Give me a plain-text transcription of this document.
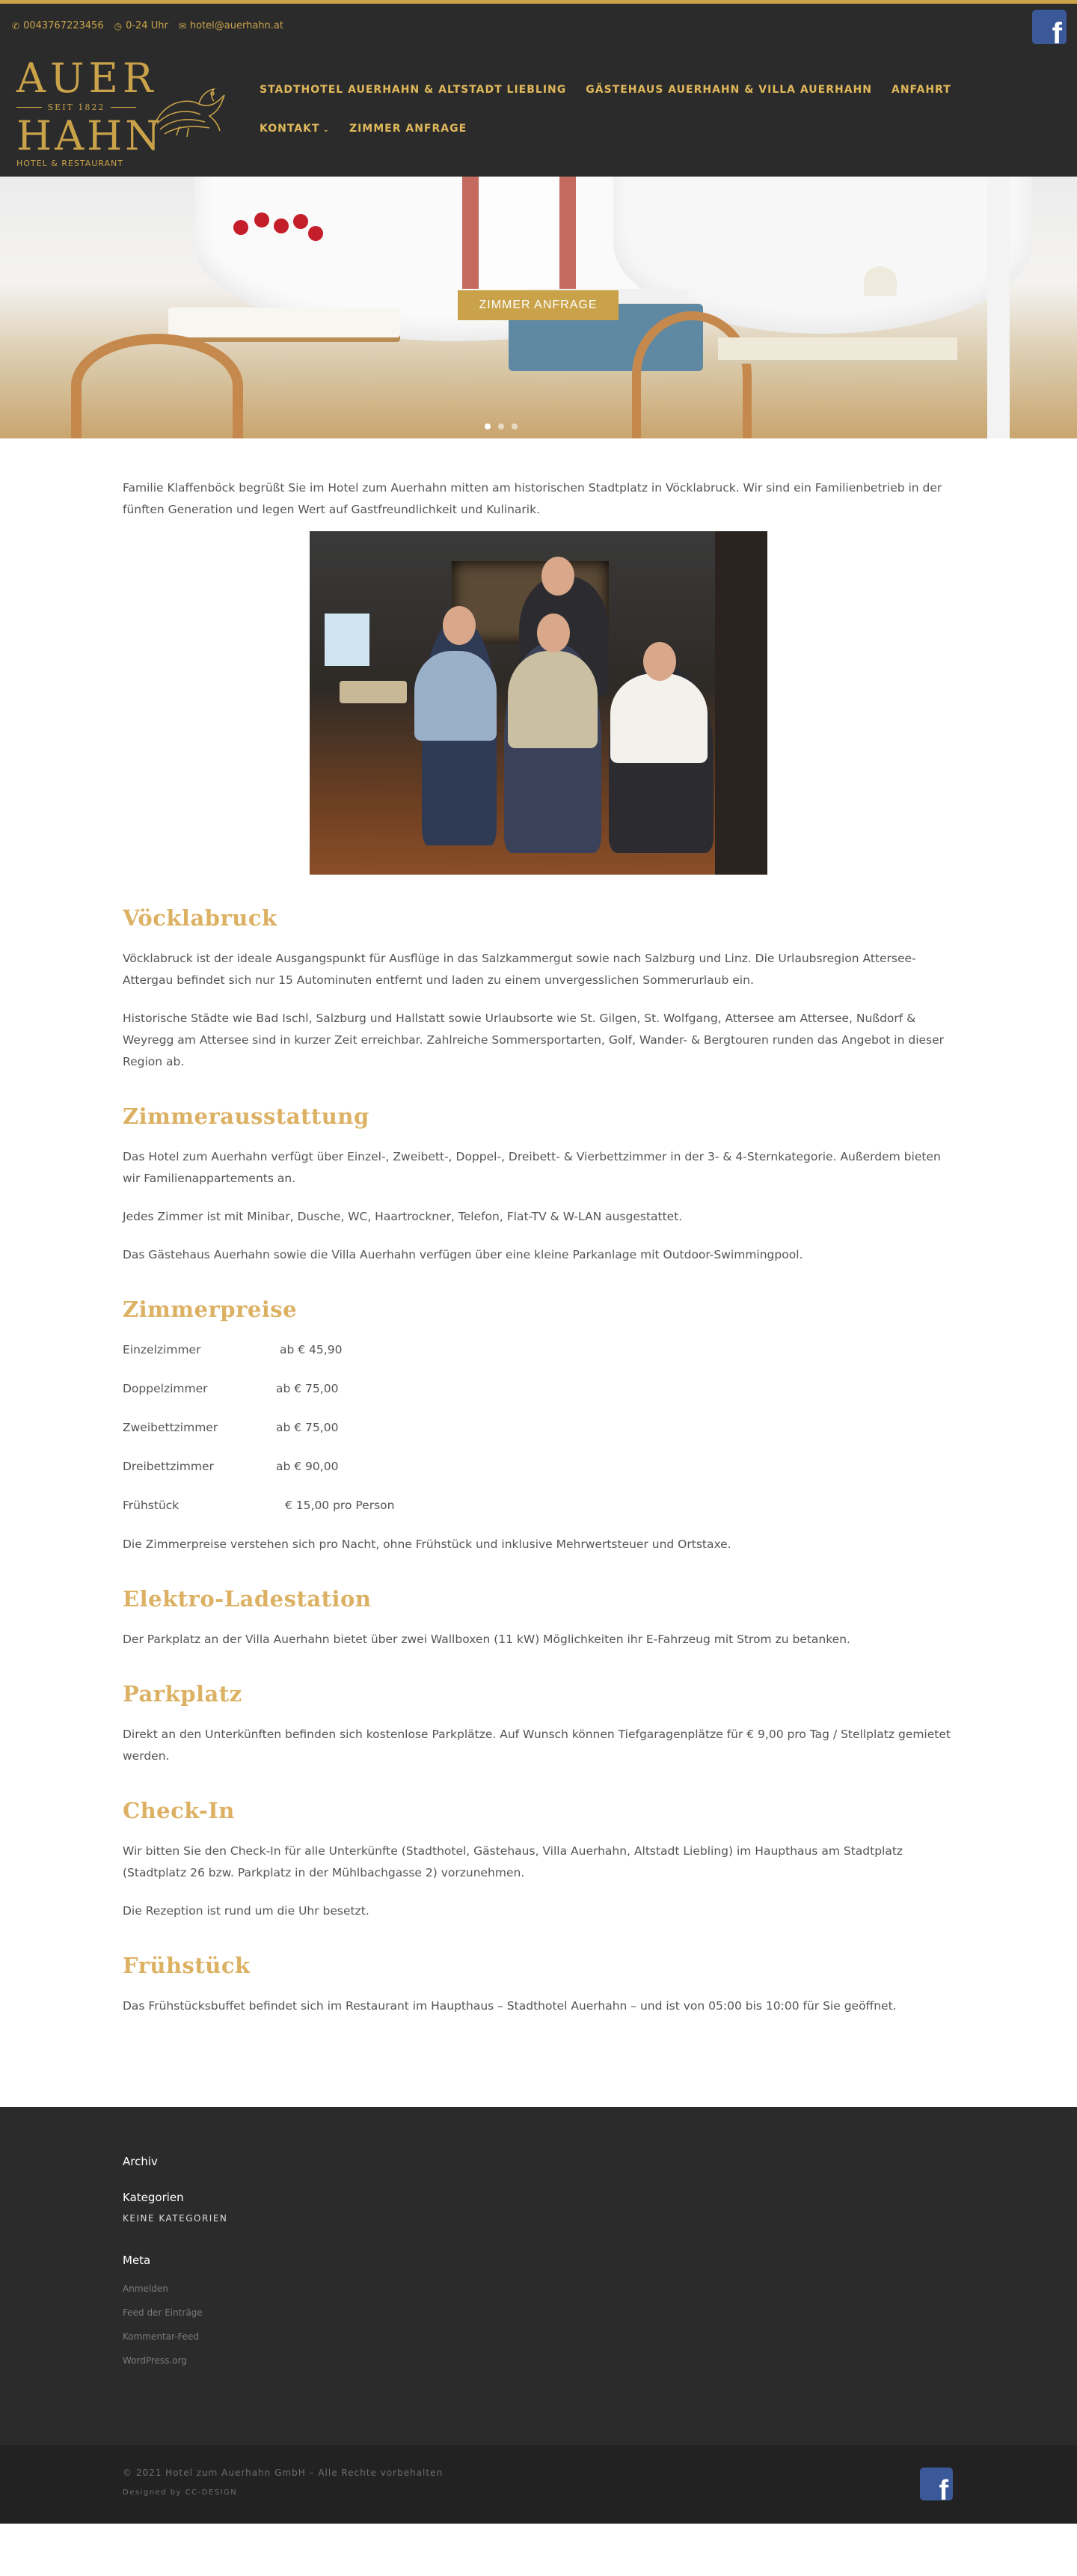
✆ 0043767223456 ◷ 0-24 Uhr ✉ hotel@auerhahn.at	f
AUER
SEIT 1822
HAHN
HOTEL & RESTAURANT
STADTHOTEL AUERHAHN & ALTSTADT LIEBLING GÄSTEHAUS AUERHAHN & VILLA AUERHAHN ANFAHRT
KONTAKT ⌄ ZIMMER ANFRAGE
ZIMMER ANFRAGE

Familie Klaffenböck begrüßt Sie im Hotel zum Auerhahn mitten am historischen Stadtplatz in Vöcklabruck. Wir sind ein Familienbetrieb in der fünften Generation und legen Wert auf Gastfreundlichkeit und Kulinarik.

Vöcklabruck

Vöcklabruck ist der ideale Ausgangspunkt für Ausflüge in das Salzkammergut sowie nach Salzburg und Linz. Die Urlaubsregion Attersee-Attergau befindet sich nur 15 Autominuten entfernt und laden zu einem unvergesslichen Sommerurlaub ein.

Historische Städte wie Bad Ischl, Salzburg und Hallstatt sowie Urlaubsorte wie St. Gilgen, St. Wolfgang, Attersee am Attersee, Nußdorf & Weyregg am Attersee sind in kurzer Zeit erreichbar. Zahlreiche Sommersportarten, Golf, Wander- & Bergtouren runden das Angebot in dieser Region ab.

Zimmerausstattung

Das Hotel zum Auerhahn verfügt über Einzel-, Zweibett-, Doppel-, Dreibett- & Vierbettzimmer in der 3- & 4-Sternkategorie. Außerdem bieten wir Familienappartements an.

Jedes Zimmer ist mit Minibar, Dusche, WC, Haartrockner, Telefon, Flat-TV & W-LAN ausgestattet.

Das Gästehaus Auerhahn sowie die Villa Auerhahn verfügen über eine kleine Parkanlage mit Outdoor-Swimmingpool.

Zimmerpreise
Einzelzimmer	ab € 45,90
Doppelzimmer	ab € 75,00
Zweibettzimmer	ab € 75,00
Dreibettzimmer	ab € 90,00
Frühstück	€ 15,00 pro Person

Die Zimmerpreise verstehen sich pro Nacht, ohne Frühstück und inklusive Mehrwertsteuer und Ortstaxe.

Elektro-Ladestation

Der Parkplatz an der Villa Auerhahn bietet über zwei Wallboxen (11 kW) Möglichkeiten ihr E-Fahrzeug mit Strom zu betanken.

Parkplatz

Direkt an den Unterkünften befinden sich kostenlose Parkplätze. Auf Wunsch können Tiefgaragenplätze für € 9,00 pro Tag / Stellplatz gemietet werden.

Check-In

Wir bitten Sie den Check-In für alle Unterkünfte (Stadthotel, Gästehaus, Villa Auerhahn, Altstadt Liebling) im Haupthaus am Stadtplatz (Stadtplatz 26 bzw. Parkplatz in der Mühlbachgasse 2) vorzunehmen.

Die Rezeption ist rund um die Uhr besetzt.

Frühstück

Das Frühstücksbuffet befindet sich im Restaurant im Haupthaus – Stadthotel Auerhahn – und ist von 05:00 bis 10:00 für Sie geöffnet.

Archiv
Kategorien
KEINE KATEGORIEN
Meta
Anmelden
Feed der Einträge
Kommentar-Feed
WordPress.org
© 2021 Hotel zum Auerhahn GmbH – Alle Rechte vorbehalten
Designed by CC-DESIGN	f
